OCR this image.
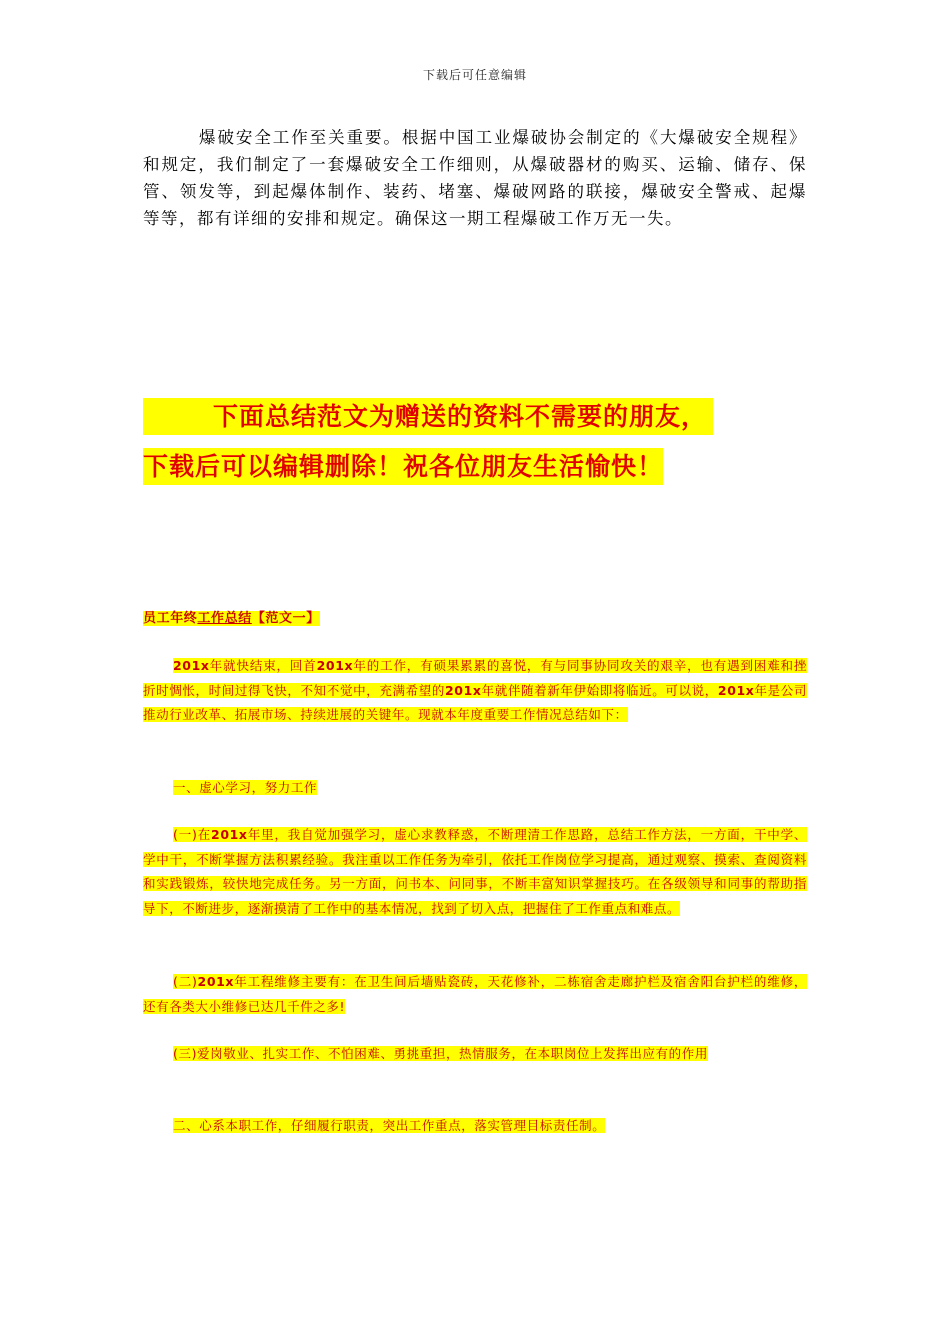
下载后可任意编辑

爆破安全工作至关重要。根据中国工业爆破协会制定的《大爆破安全规程》和规定，我们制定了一套爆破安全工作细则，从爆破器材的购买、运输、储存、保管、领发等，到起爆体制作、装药、堵塞、爆破网路的联接，爆破安全警戒、起爆等等，都有详细的安排和规定。确保这一期工程爆破工作万无一失。

下面总结范文为赠送的资料不需要的朋友，
下载后可以编辑删除！祝各位朋友生活愉快！
员工年终工作总结【范文一】
201x年就快结束，回首201x年的工作，有硕果累累的喜悦，有与同事协同攻关的艰辛，也有遇到困难和挫折时惆怅，时间过得飞快，不知不觉中，充满希望的201x年就伴随着新年伊始即将临近。可以说，201x年是公司推动行业改革、拓展市场、持续进展的关键年。现就本年度重要工作情况总结如下：
一、虚心学习，努力工作
(一)在201x年里，我自觉加强学习，虚心求教释惑，不断理清工作思路，总结工作方法，一方面，干中学、学中干，不断掌握方法积累经验。我注重以工作任务为牵引，依托工作岗位学习提高，通过观察、摸索、查阅资料和实践锻炼，较快地完成任务。另一方面，问书本、问同事，不断丰富知识掌握技巧。在各级领导和同事的帮助指导下，不断进步，逐渐摸清了工作中的基本情况，找到了切入点，把握住了工作重点和难点。
(二)201x年工程维修主要有：在卫生间后墙贴瓷砖，天花修补，二栋宿舍走廊护栏及宿舍阳台护栏的维修，还有各类大小维修已达几千件之多!
(三)爱岗敬业、扎实工作、不怕困难、勇挑重担，热情服务，在本职岗位上发挥出应有的作用
二、心系本职工作，仔细履行职责，突出工作重点，落实管理目标责任制。
